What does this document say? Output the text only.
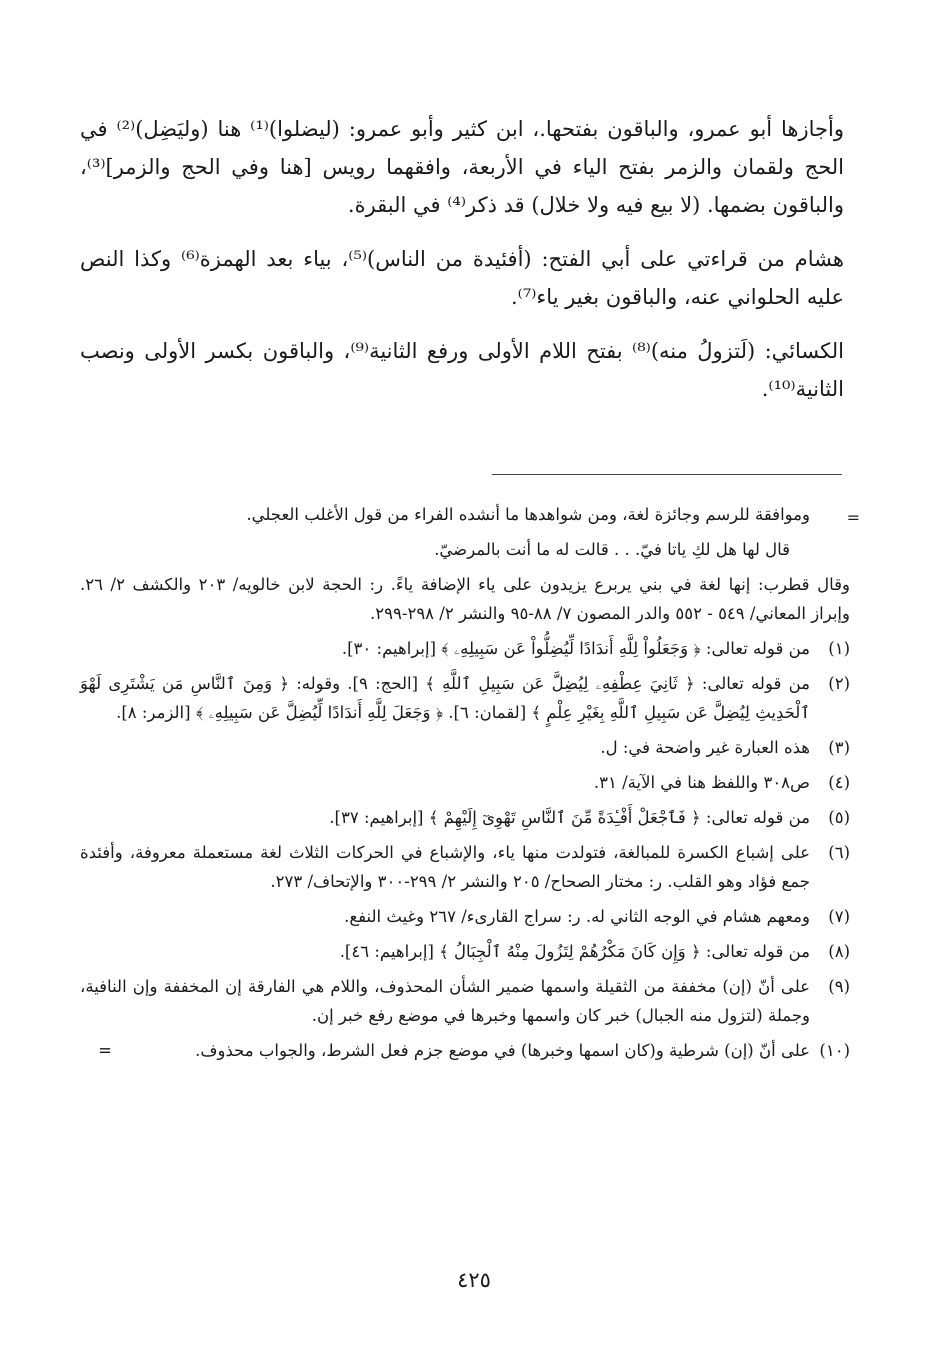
وأجازها أبو عمرو، والباقون بفتحها.، ابن كثير وأبو عمرو: (ليضلوا)⁽¹⁾ هنا (وليَضِل)⁽²⁾ في الحج ولقمان والزمر بفتح الياء في الأربعة، وافقهما رويس [هنا وفي الحج والزمر]⁽³⁾، والباقون بضمها. (لا بيع فيه ولا خلال) قد ذكر⁽⁴⁾ في البقرة.

هشام من قراءتي على أبي الفتح: (أفئيدة من الناس)⁽⁵⁾، بياء بعد الهمزة⁽⁶⁾ وكذا النص عليه الحلواني عنه، والباقون بغير ياء⁽⁷⁾.

الكسائي: (لَتزولُ منه)⁽⁸⁾ بفتح اللام الأولى ورفع الثانية⁽⁹⁾، والباقون بكسر الأولى ونصب الثانية⁽¹⁰⁾.

=
وموافقة للرسم وجائزة لغة، ومن شواهدها ما أنشده الفراء من قول الأغلب العجلي.
قال لها هل لكِ ياتا فيّ. . . قالت له ما أنت بالمرضيّ.
وقال قطرب: إنها لغة في بني يربرع يزيدون على ياء الإضافة ياءً. ر: الحجة لابن خالويه/ ٢٠٣ والكشف ٢/ ٢٦. وإبراز المعاني/ ٥٤٩ - ٥٥٢ والدر المصون ٧/ ٨٨-٩٥ والنشر ٢/ ٢٩٨-٢٩٩.
(١)
من قوله تعالى: ﴿ وَجَعَلُواْ لِلَّهِ أَندَادًا لِّيُضِلُّواْ عَن سَبِيلِهِۦ ﴾ [إبراهيم: ٣٠].
(٢)
من قوله تعالى: ﴿ ثَانِيَ عِطْفِهِۦ لِيُضِلَّ عَن سَبِيلِ ٱللَّهِ ﴾ [الحج: ٩]. وقوله: ﴿ وَمِنَ ٱلنَّاسِ مَن يَشْتَرِى لَهْوَ ٱلْحَدِيثِ لِيُضِلَّ عَن سَبِيلِ ٱللَّهِ بِغَيْرِ عِلْمٍ ﴾ [لقمان: ٦]. ﴿ وَجَعَلَ لِلَّهِ أَندَادًا لِّيُضِلَّ عَن سَبِيلِهِۦ ﴾ [الزمر: ٨].
(٣)
هذه العبارة غير واضحة في: ل.
(٤)
ص٣٠٨ واللفظ هنا في الآية/ ٣١.
(٥)
من قوله تعالى: ﴿ فَٱجْعَلْ أَفْـِٔدَةً مِّنَ ٱلنَّاسِ تَهْوِىٓ إِلَيْهِمْ ﴾ [إبراهيم: ٣٧].
(٦)
على إشباع الكسرة للمبالغة، فتولدت منها ياء، والإشباع في الحركات الثلاث لغة مستعملة معروفة، وأفئدة جمع فؤاد وهو القلب. ر: مختار الصحاح/ ٢٠٥ والنشر ٢/ ٢٩٩-٣٠٠ والإتحاف/ ٢٧٣.
(٧)
ومعهم هشام في الوجه الثاني له. ر: سراج القارىء/ ٢٦٧ وغيث النفع.
(٨)
من قوله تعالى: ﴿ وَإِن كَانَ مَكْرُهُمْ لِتَزُولَ مِنْهُ ٱلْجِبَالُ ﴾ [إبراهيم: ٤٦].
(٩)
على أنّ (إن) مخففة من الثقيلة واسمها ضمير الشأن المحذوف، واللام هي الفارقة إن المخففة وإن النافية، وجملة (لتزول منه الجبال) خبر كان واسمها وخبرها في موضع رفع خبر إن.
(١٠)
على أنّ (إن) شرطية و(كان اسمها وخبرها) في موضع جزم فعل الشرط، والجواب محذوف.
=
٤٢٥
